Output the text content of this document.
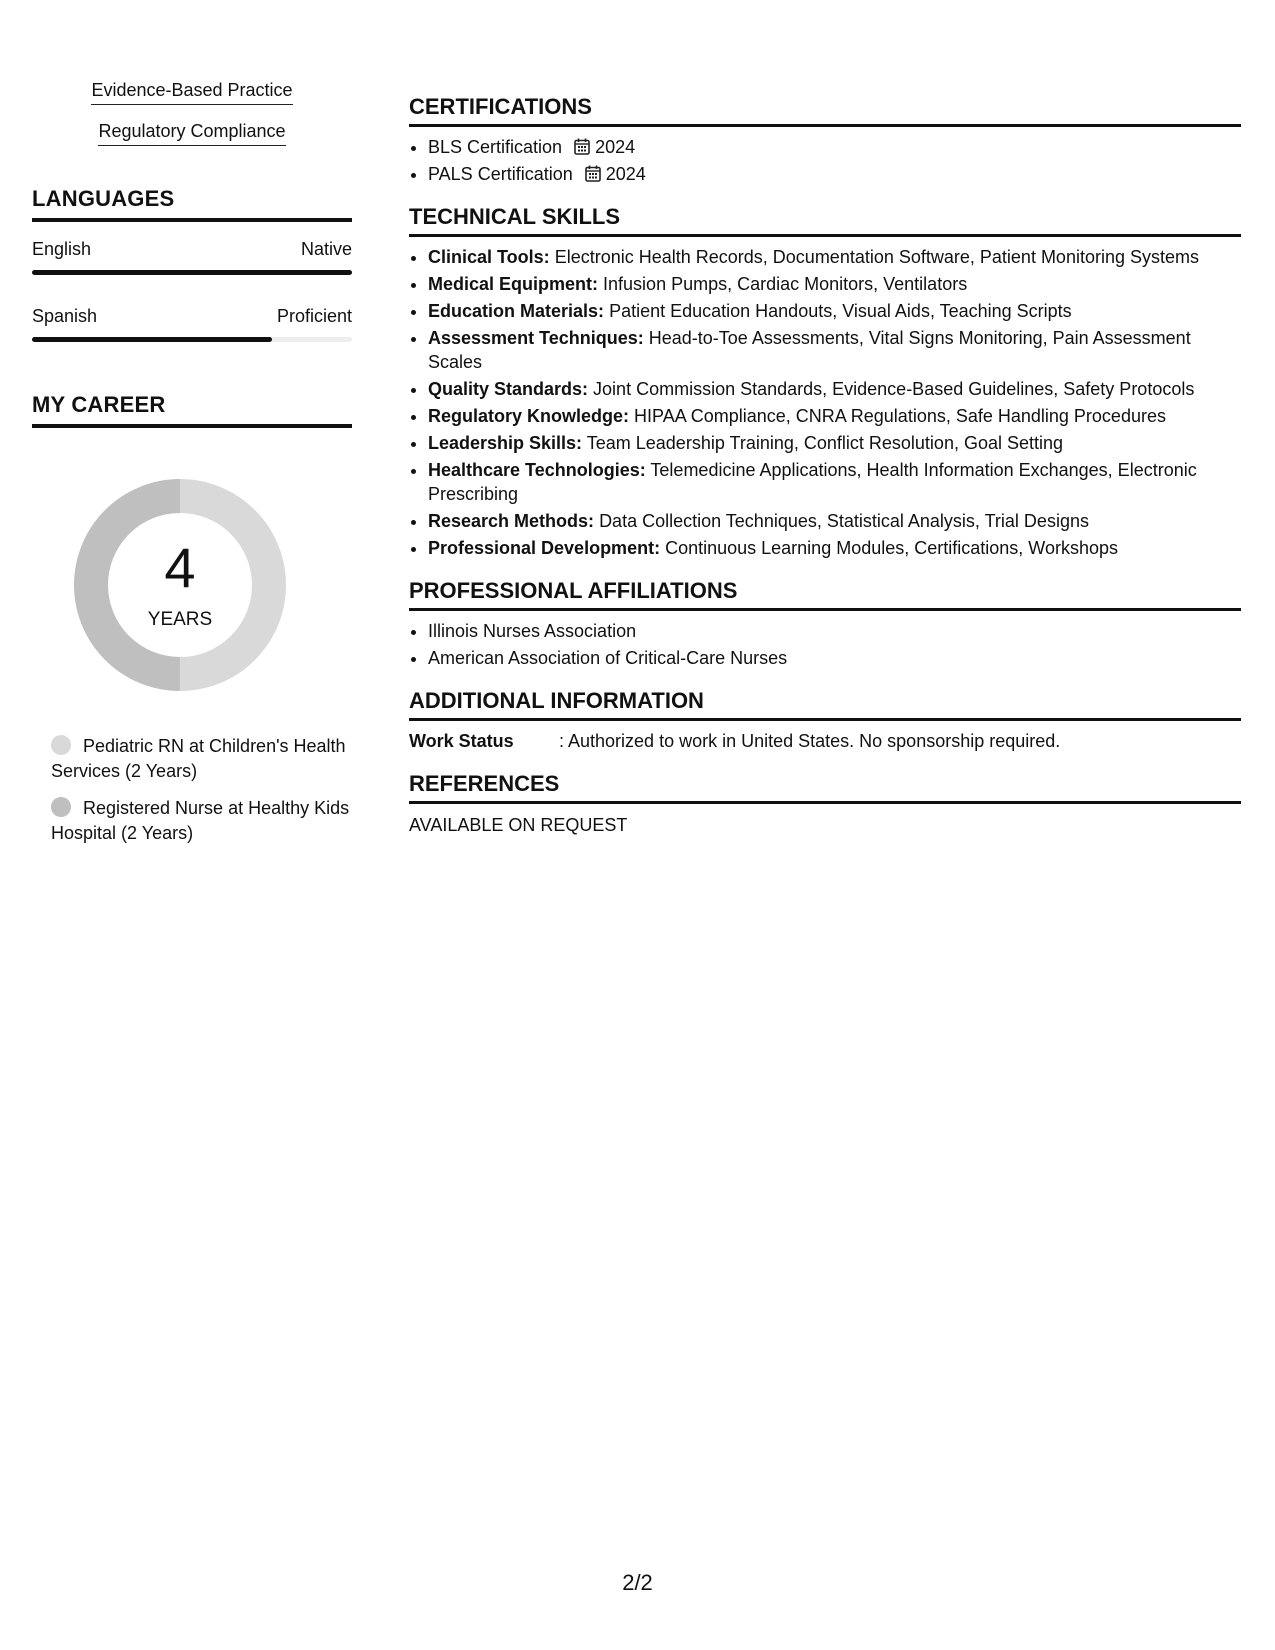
Evidence-Based Practice
Regulatory Compliance
LANGUAGES
English	Native
Spanish	Proficient
MY CAREER
4
YEARS
Pediatric RN at Children's Health Services (2 Years)
Registered Nurse at Healthy Kids Hospital (2 Years)
CERTIFICATIONS
• BLS Certification 2024
• PALS Certification 2024
TECHNICAL SKILLS
• Clinical Tools: Electronic Health Records, Documentation Software, Patient Monitoring Systems
• Medical Equipment: Infusion Pumps, Cardiac Monitors, Ventilators
• Education Materials: Patient Education Handouts, Visual Aids, Teaching Scripts
• Assessment Techniques: Head-to-Toe Assessments, Vital Signs Monitoring, Pain Assessment Scales
• Quality Standards: Joint Commission Standards, Evidence-Based Guidelines, Safety Protocols
• Regulatory Knowledge: HIPAA Compliance, CNRA Regulations, Safe Handling Procedures
• Leadership Skills: Team Leadership Training, Conflict Resolution, Goal Setting
• Healthcare Technologies: Telemedicine Applications, Health Information Exchanges, Electronic Prescribing
• Research Methods: Data Collection Techniques, Statistical Analysis, Trial Designs
• Professional Development: Continuous Learning Modules, Certifications, Workshops
PROFESSIONAL AFFILIATIONS
• Illinois Nurses Association
• American Association of Critical-Care Nurses
ADDITIONAL INFORMATION
Work Status	: Authorized to work in United States. No sponsorship required.
REFERENCES
AVAILABLE ON REQUEST
2/2
